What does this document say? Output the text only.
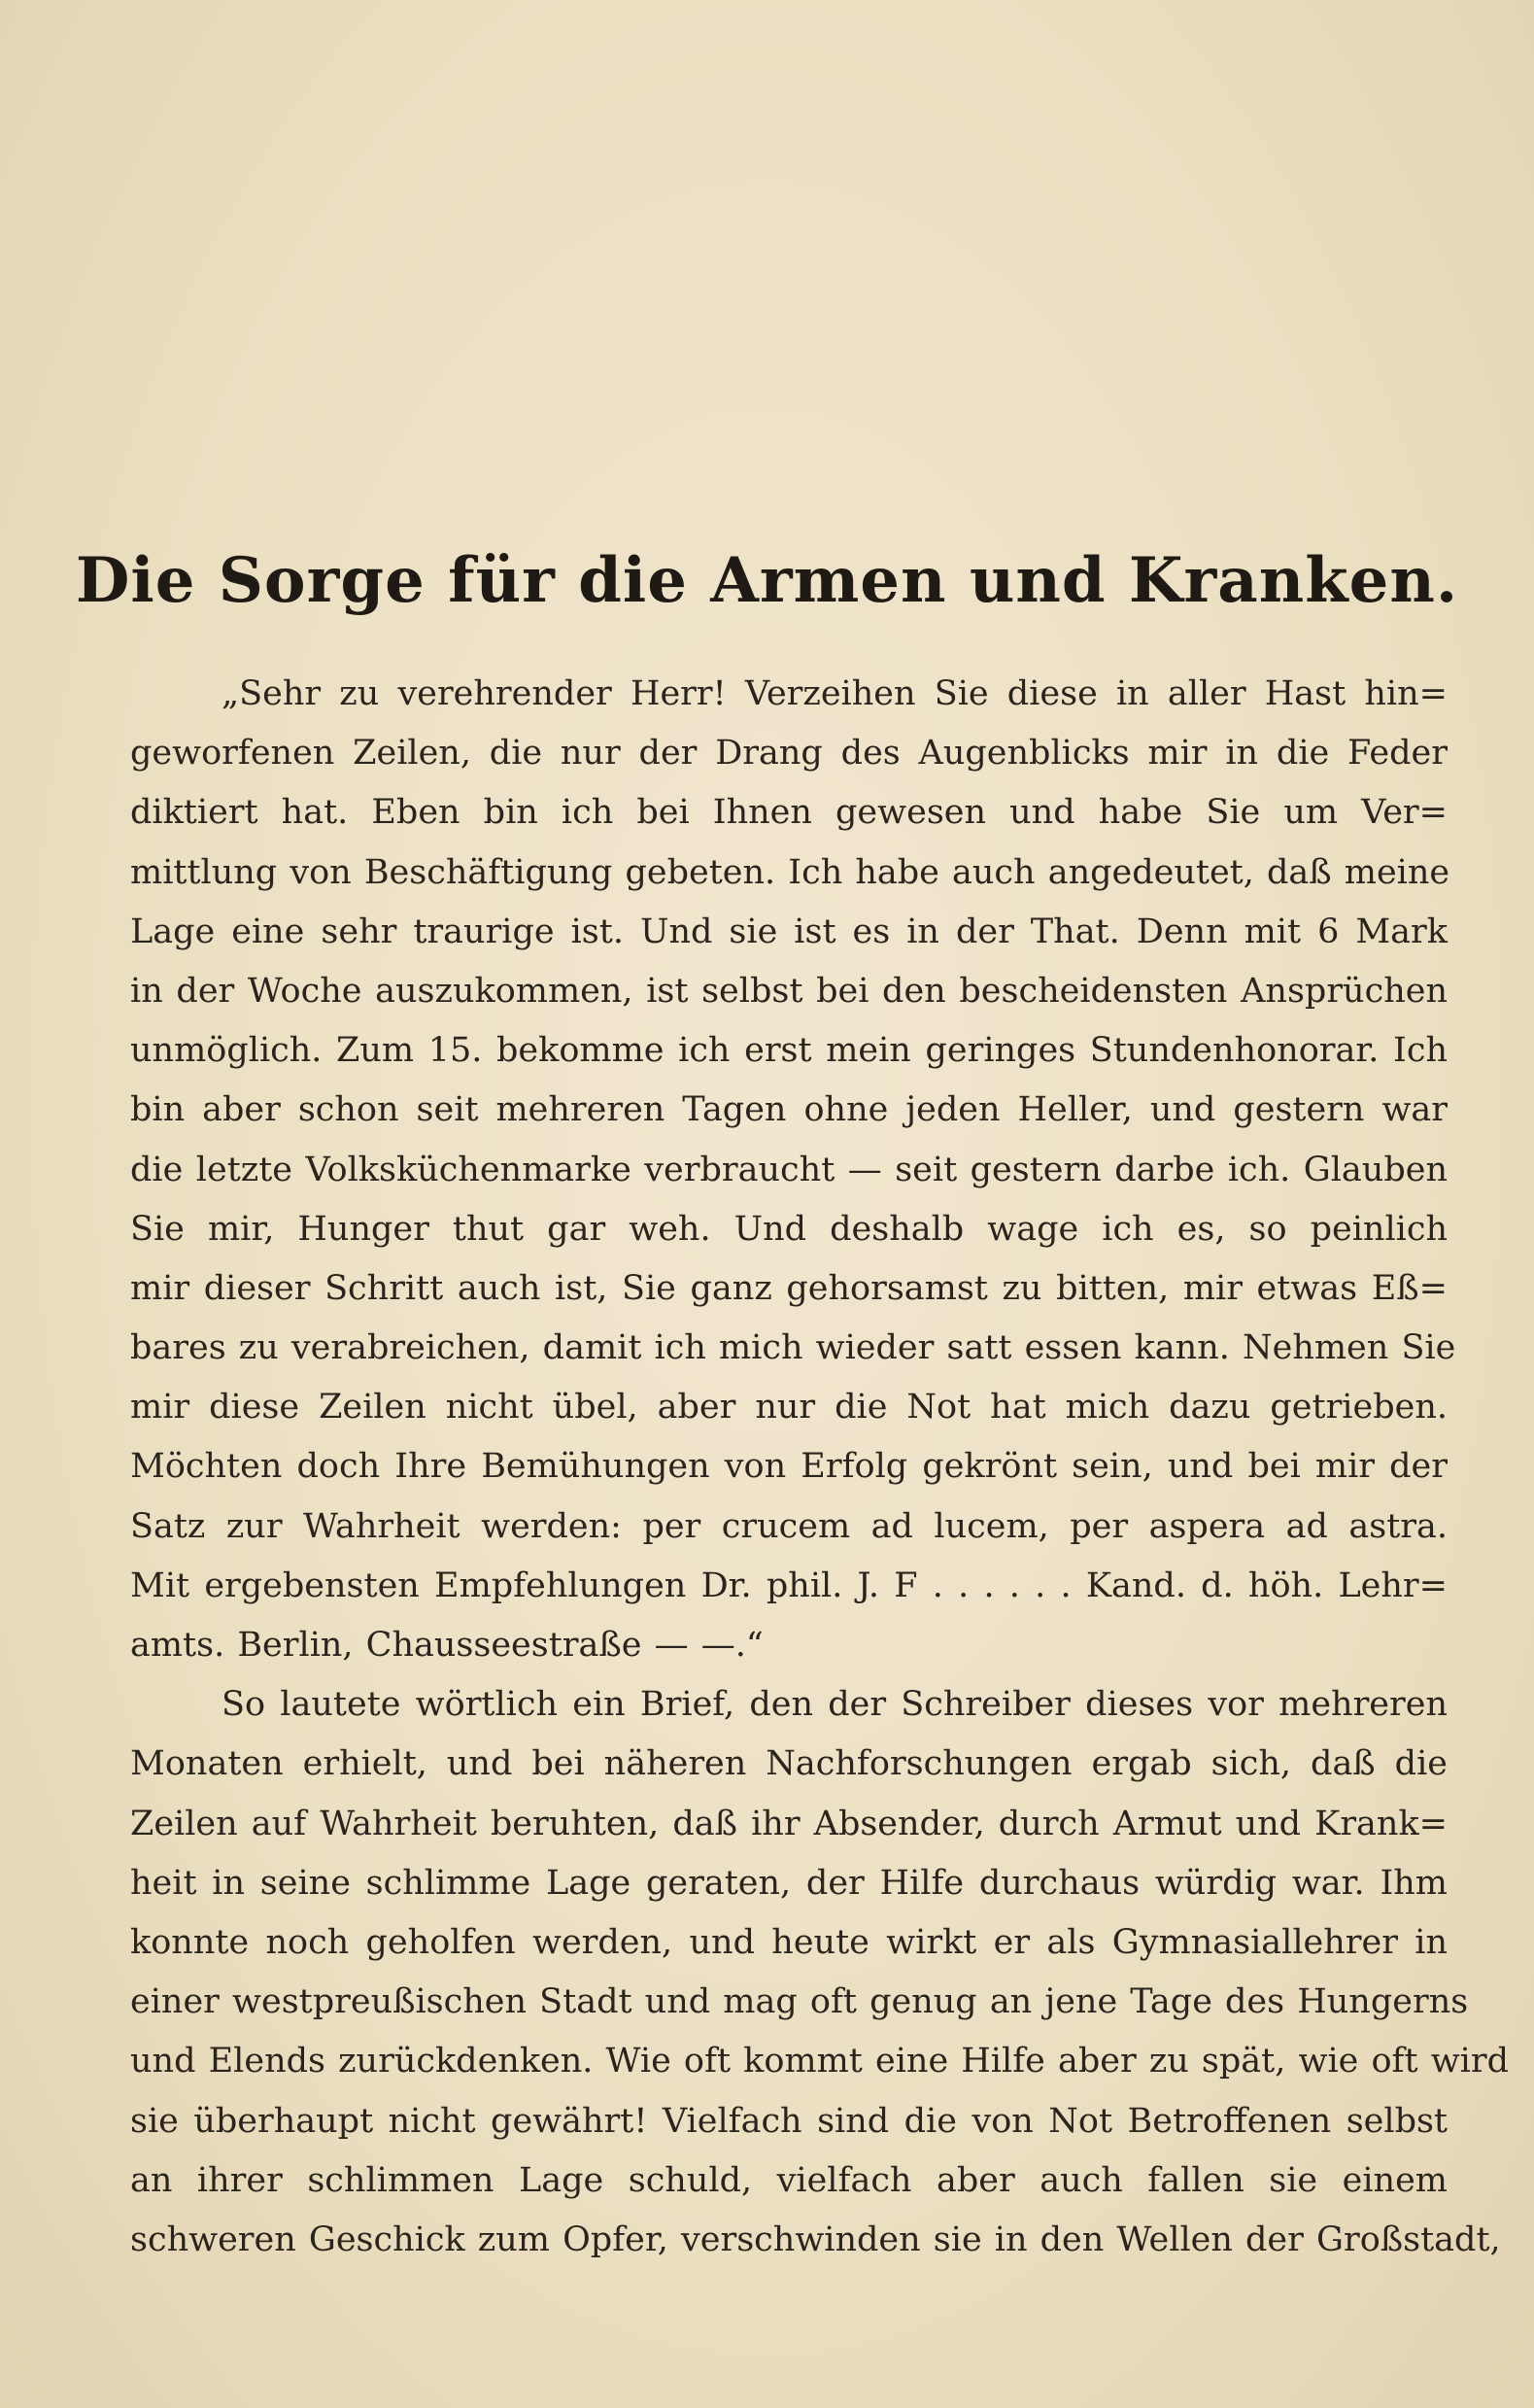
Die Sorge für die Armen und Kranken.
„Sehr zu verehrender Herr! Verzeihen Sie diese in aller Hast hin=
geworfenen Zeilen, die nur der Drang des Augenblicks mir in die Feder
diktiert hat. Eben bin ich bei Ihnen gewesen und habe Sie um Ver=
mittlung von Beschäftigung gebeten. Ich habe auch angedeutet, daß meine
Lage eine sehr traurige ist. Und sie ist es in der That. Denn mit 6 Mark
in der Woche auszukommen, ist selbst bei den bescheidensten Ansprüchen
unmöglich. Zum 15. bekomme ich erst mein geringes Stundenhonorar. Ich
bin aber schon seit mehreren Tagen ohne jeden Heller, und gestern war
die letzte Volksküchenmarke verbraucht — seit gestern darbe ich. Glauben
Sie mir, Hunger thut gar weh. Und deshalb wage ich es, so peinlich
mir dieser Schritt auch ist, Sie ganz gehorsamst zu bitten, mir etwas Eß=
bares zu verabreichen, damit ich mich wieder satt essen kann. Nehmen Sie
mir diese Zeilen nicht übel, aber nur die Not hat mich dazu getrieben.
Möchten doch Ihre Bemühungen von Erfolg gekrönt sein, und bei mir der
Satz zur Wahrheit werden: per crucem ad lucem, per aspera ad astra.
Mit ergebensten Empfehlungen Dr. phil. J. F . . . . . . Kand. d. höh. Lehr=
amts. Berlin, Chausseestraße — —.“
So lautete wörtlich ein Brief, den der Schreiber dieses vor mehreren
Monaten erhielt, und bei näheren Nachforschungen ergab sich, daß die
Zeilen auf Wahrheit beruhten, daß ihr Absender, durch Armut und Krank=
heit in seine schlimme Lage geraten, der Hilfe durchaus würdig war. Ihm
konnte noch geholfen werden, und heute wirkt er als Gymnasiallehrer in
einer westpreußischen Stadt und mag oft genug an jene Tage des Hungerns
und Elends zurückdenken. Wie oft kommt eine Hilfe aber zu spät, wie oft wird
sie überhaupt nicht gewährt! Vielfach sind die von Not Betroffenen selbst
an ihrer schlimmen Lage schuld, vielfach aber auch fallen sie einem
schweren Geschick zum Opfer, verschwinden sie in den Wellen der Großstadt,
